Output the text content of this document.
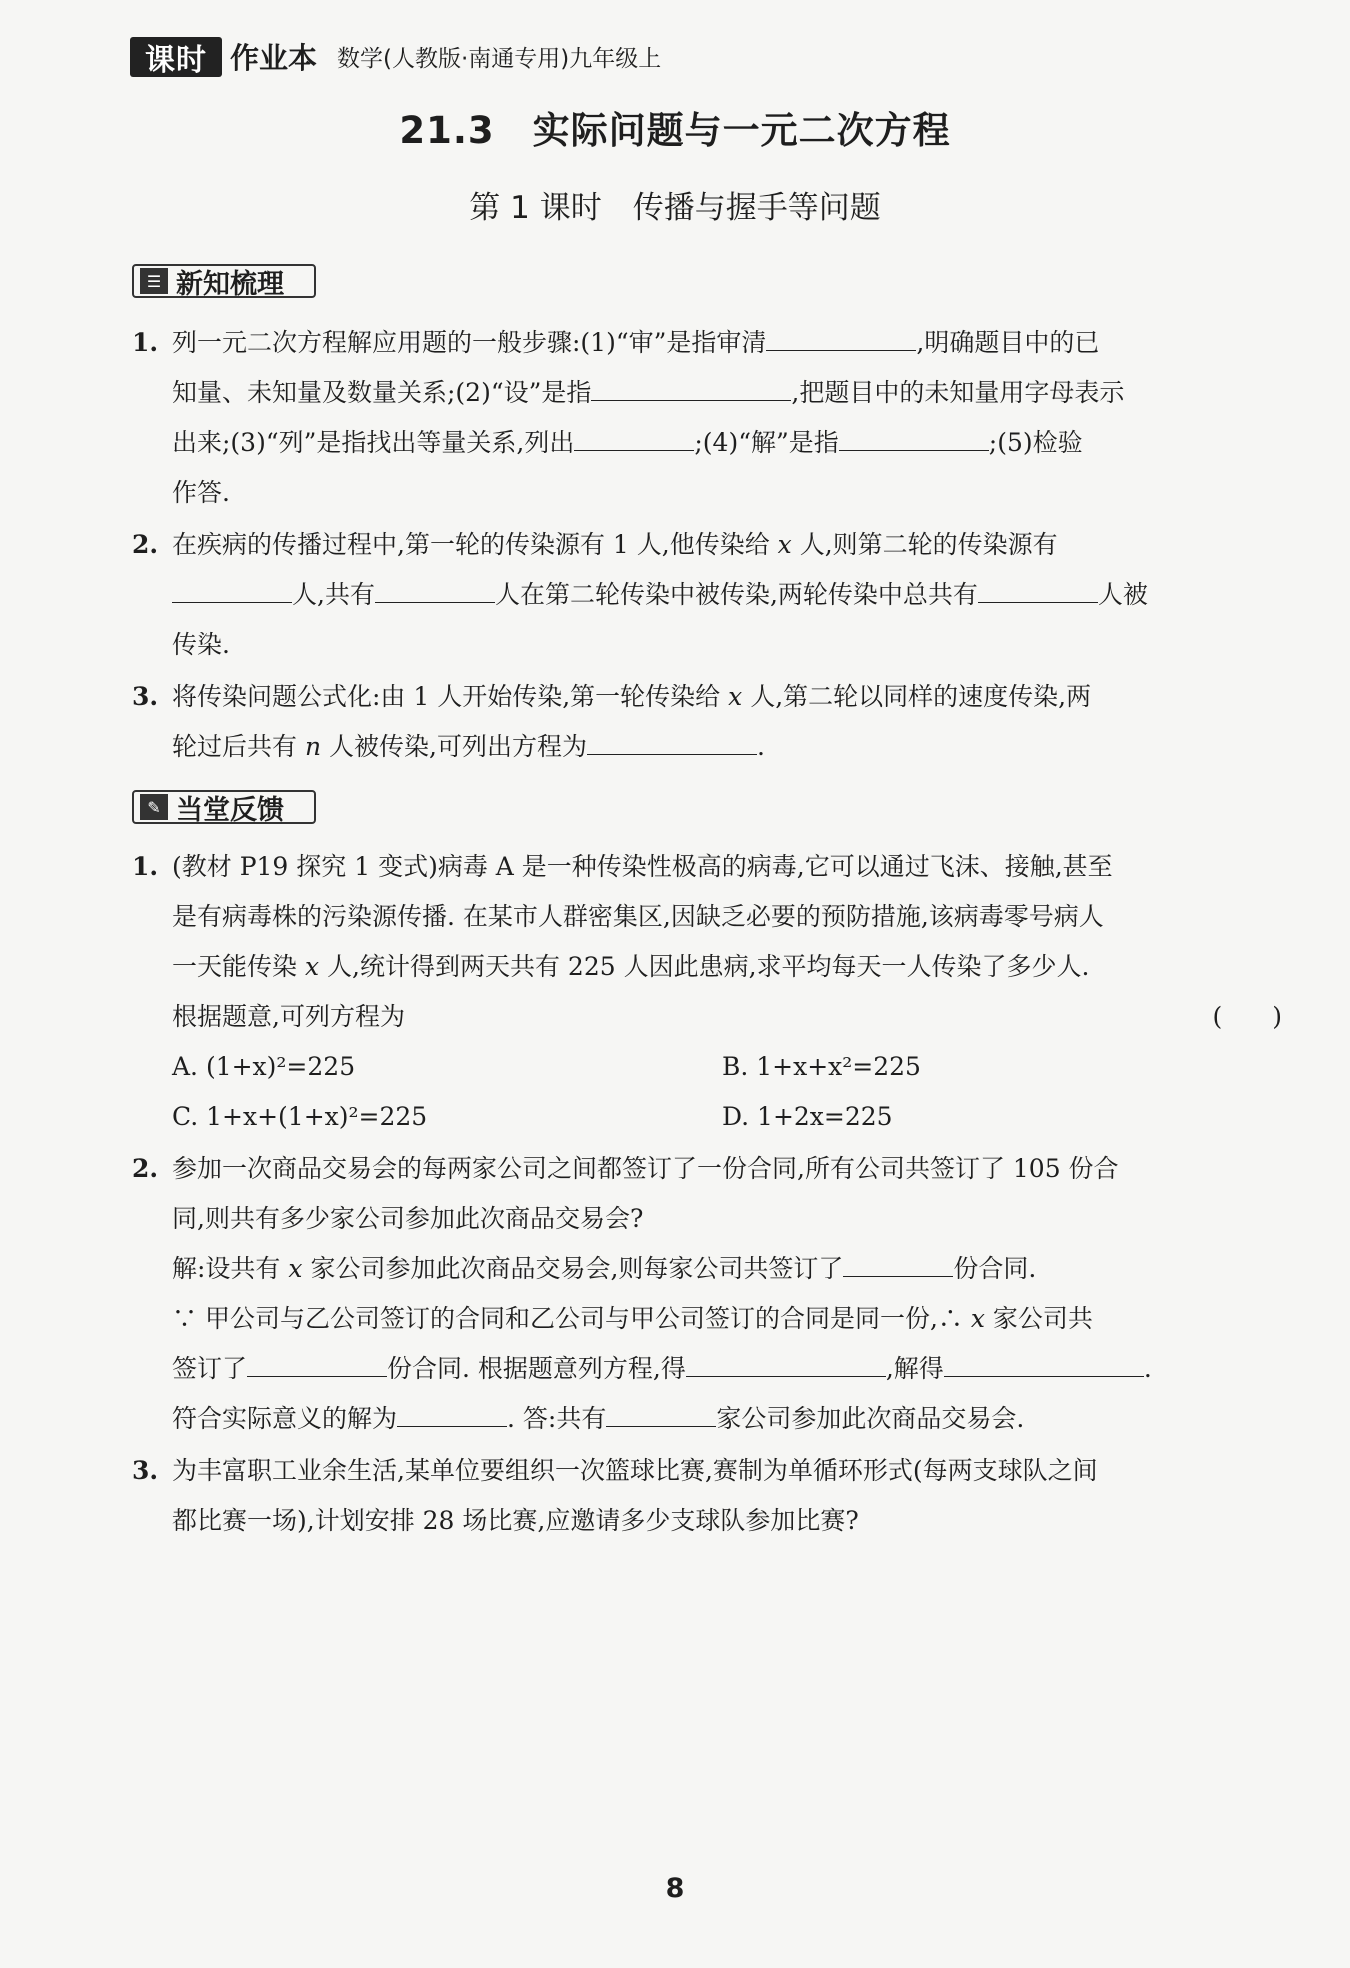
课时 作业本 数学(人教版·南通专用)九年级上
21.3　实际问题与一元二次方程
第 1 课时　传播与握手等问题
☰ 新知梳理
1. 列一元二次方程解应用题的一般步骤:(1)“审”是指审清	,明确题目中的已
知量、未知量及数量关系;(2)“设”是指	,把题目中的未知量用字母表示
出来;(3)“列”是指找出等量关系,列出	;(4)“解”是指	;(5)检验
作答.
2. 在疾病的传播过程中,第一轮的传染源有 1 人,他传染给 x 人,则第二轮的传染源有
人,共有	人在第二轮传染中被传染,两轮传染中总共有	人被
传染.
3. 将传染问题公式化:由 1 人开始传染,第一轮传染给 x 人,第二轮以同样的速度传染,两
轮过后共有 n 人被传染,可列出方程为	.
✎ 当堂反馈
1. (教材 P19 探究 1 变式)病毒 A 是一种传染性极高的病毒,它可以通过飞沫、接触,甚至
是有病毒株的污染源传播. 在某市人群密集区,因缺乏必要的预防措施,该病毒零号病人
一天能传染 x 人,统计得到两天共有 225 人因此患病,求平均每天一人传染了多少人.
根据题意,可列方程为	(　　)
A. (1+x)²=225	B. 1+x+x²=225
C. 1+x+(1+x)²=225	D. 1+2x=225
2. 参加一次商品交易会的每两家公司之间都签订了一份合同,所有公司共签订了 105 份合
同,则共有多少家公司参加此次商品交易会?
解:设共有 x 家公司参加此次商品交易会,则每家公司共签订了	份合同.
∵ 甲公司与乙公司签订的合同和乙公司与甲公司签订的合同是同一份,∴ x 家公司共
签订了	份合同. 根据题意列方程,得	,解得	.
符合实际意义的解为	. 答:共有	家公司参加此次商品交易会.
3. 为丰富职工业余生活,某单位要组织一次篮球比赛,赛制为单循环形式(每两支球队之间
都比赛一场),计划安排 28 场比赛,应邀请多少支球队参加比赛?
8
